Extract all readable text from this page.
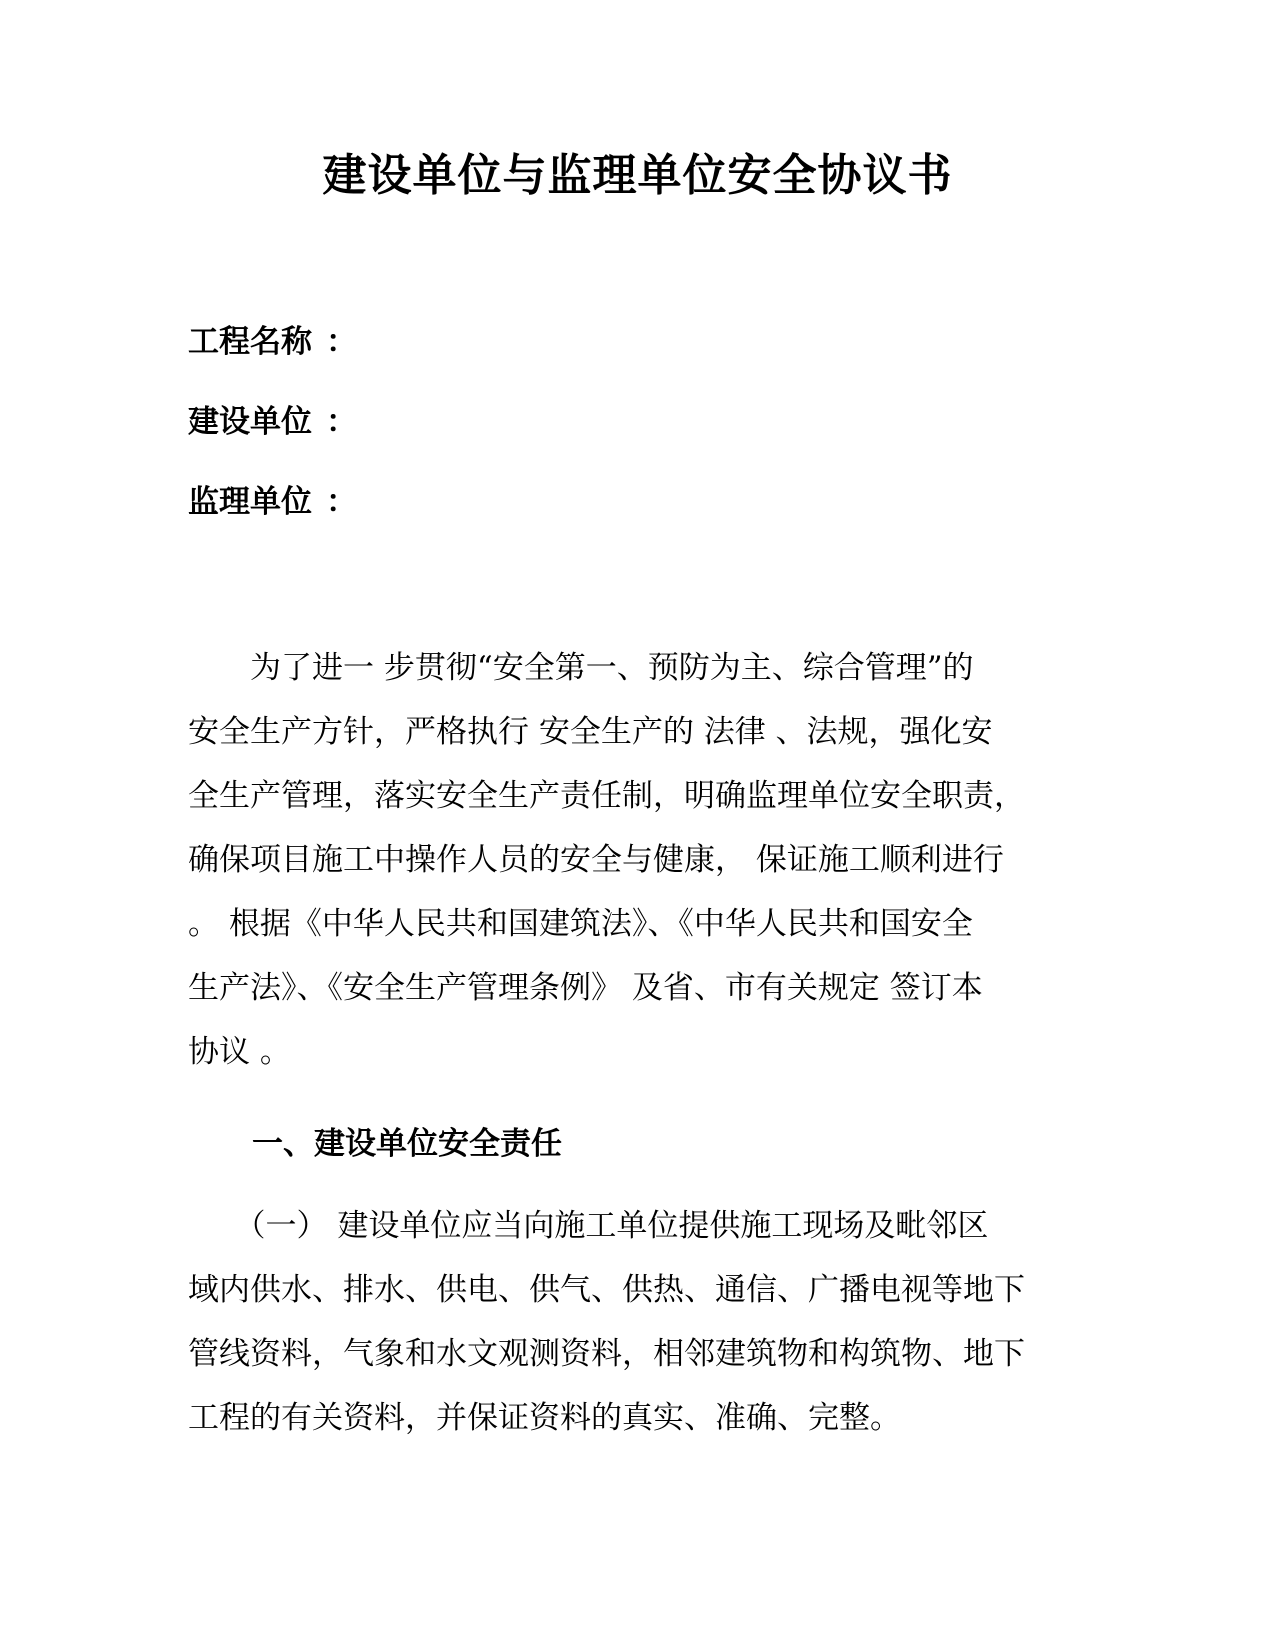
建设单位与监理单位安全协议书
工程名称 ：
建设单位 ：
监理单位 ：
　　为了进一 步贯彻“安全第一、预防为主、综合管理”的
安全生产方针，严格执行 安全生产的 法律 、法规，强化安
全生产管理，落实安全生产责任制，明确监理单位安全职责，
确保项目施工中操作人员的安全与健康， 保证施工顺利进行
。 根据《中华人民共和国建筑法》、《中华人民共和国安全
生产法》、《安全生产管理条例》 及省、市有关规定 签订本
协议 。
一、建设单位安全责任
　　（一） 建设单位应当向施工单位提供施工现场及毗邻区
域内供水、排水、供电、供气、供热、通信、广播电视等地下
管线资料，气象和水文观测资料，相邻建筑物和构筑物、地下
工程的有关资料，并保证资料的真实、准确、完整。
